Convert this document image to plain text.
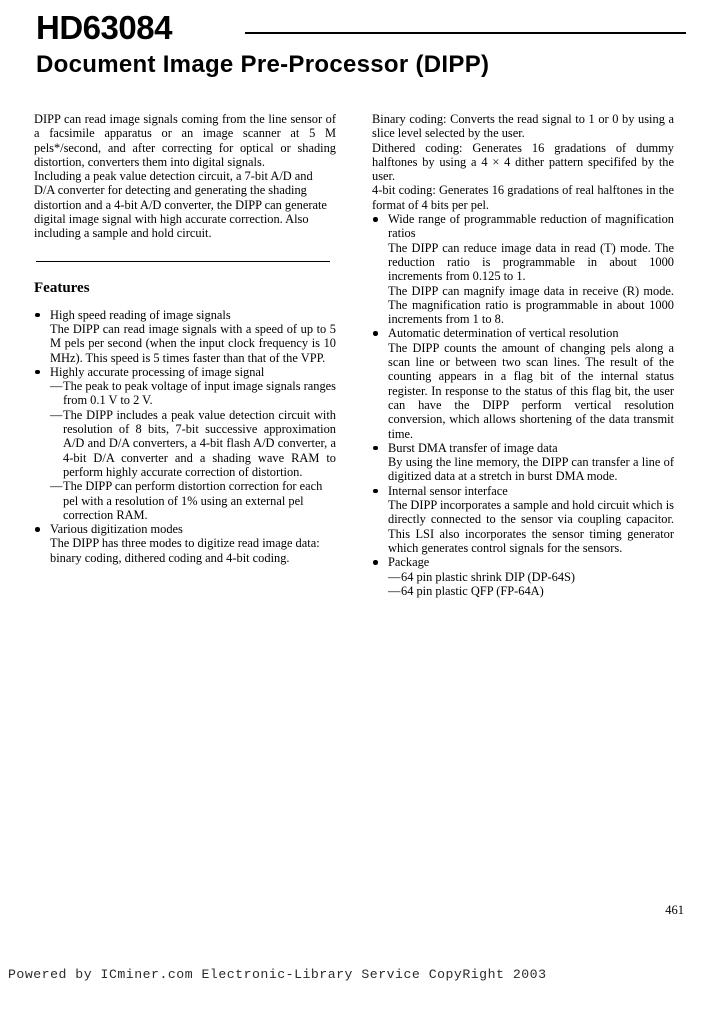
HD63084
Document Image Pre-Processor (DIPP)

DIPP can read image signals coming from the line sensor of a facsimile apparatus or an image scanner at 5 M pels*/second, and after correcting for optical or shading distortion, converters them into digital signals.

Including a peak value detection circuit, a 7-bit A/D and D/A converter for detecting and generating the shading distortion and a 4-bit A/D converter, the DIPP can generate digital image signal with high accurate correction. Also including a sample and hold circuit.

Features
High speed reading of image signals
The DIPP can read image signals with a speed of up to 5 M pels per second (when the input clock frequency is 10 MHz). This speed is 5 times faster than that of the VPP.
Highly accurate processing of image signal
— The peak to peak voltage of input image signals ranges from 0.1 V to 2 V.
— The DIPP includes a peak value detection circuit with resolution of 8 bits, 7-bit successive approximation A/D and D/A converters, a 4-bit flash A/D converter, a 4-bit D/A converter and a shading wave RAM to perform highly accurate correction of distortion.
— The DIPP can perform distortion correction for each pel with a resolution of 1% using an external pel correction RAM.
Various digitization modes
The DIPP has three modes to digitize read image data: binary coding, dithered coding and 4-bit coding.

Binary coding: Converts the read signal to 1 or 0 by using a slice level selected by the user.

Dithered coding: Generates 16 gradations of dummy halftones by using a 4 × 4 dither pattern specififed by the user.

4-bit coding: Generates 16 gradations of real halftones in the format of 4 bits per pel.

Wide range of programmable reduction of magnification ratios
The DIPP can reduce image data in read (T) mode. The reduction ratio is programmable in about 1000 increments from 0.125 to 1.
The DIPP can magnify image data in receive (R) mode. The magnification ratio is programmable in about 1000 increments from 1 to 8.
Automatic determination of vertical resolution
The DIPP counts the amount of changing pels along a scan line or between two scan lines. The result of the counting appears in a flag bit of the internal status register. In response to the status of this flag bit, the user can have the DIPP perform vertical resolution conversion, which allows shortening of the data transmit time.
Burst DMA transfer of image data
By using the line memory, the DIPP can transfer a line of digitized data at a stretch in burst DMA mode.
Internal sensor interface
The DIPP incorporates a sample and hold circuit which is directly connected to the sensor via coupling capacitor. This LSI also incorporates the sensor timing generator which generates control signals for the sensors.
Package
— 64 pin plastic shrink DIP (DP-64S)
— 64 pin plastic QFP (FP-64A)
461
Powered by ICminer.com Electronic-Library Service CopyRight 2003
